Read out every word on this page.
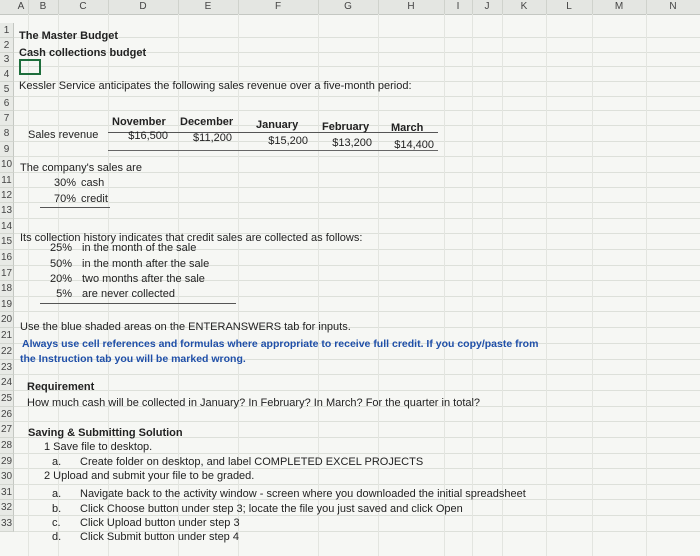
A	B	C	D	E	F	G	H	I	J	K	L	M	N
1
2
3
4
5
6
7
8
9
10
11
12
13
14
15
16
17
18
19
20
21
22
23
24
25
26
27
28
29
30
31
32
33
The Master Budget
Cash collections budget
Kessler Service anticipates the following sales revenue over a five-month period:
November December January February March
Sales revenue	$16,500	$11,200	$15,200	$13,200	$14,400
The company's sales are
30% cash
70% credit
Its collection history indicates that credit sales are collected as follows:
25% in the month of the sale
50% in the month after the sale
20% two months after the sale
5% are never collected
Use the blue shaded areas on the ENTERANSWERS tab for inputs.
Always use cell references and formulas where appropriate to receive full credit. If you copy/paste from
the Instruction tab you will be marked wrong.
Requirement
How much cash will be collected in January? In February? In March? For the quarter in total?
Saving & Submitting Solution
1 Save file to desktop.
a. Create folder on desktop, and label COMPLETED EXCEL PROJECTS
2 Upload and submit your file to be graded.
a. Navigate back to the activity window - screen where you downloaded the initial spreadsheet
b. Click Choose button under step 3; locate the file you just saved and click Open
c. Click Upload button under step 3
d. Click Submit button under step 4
